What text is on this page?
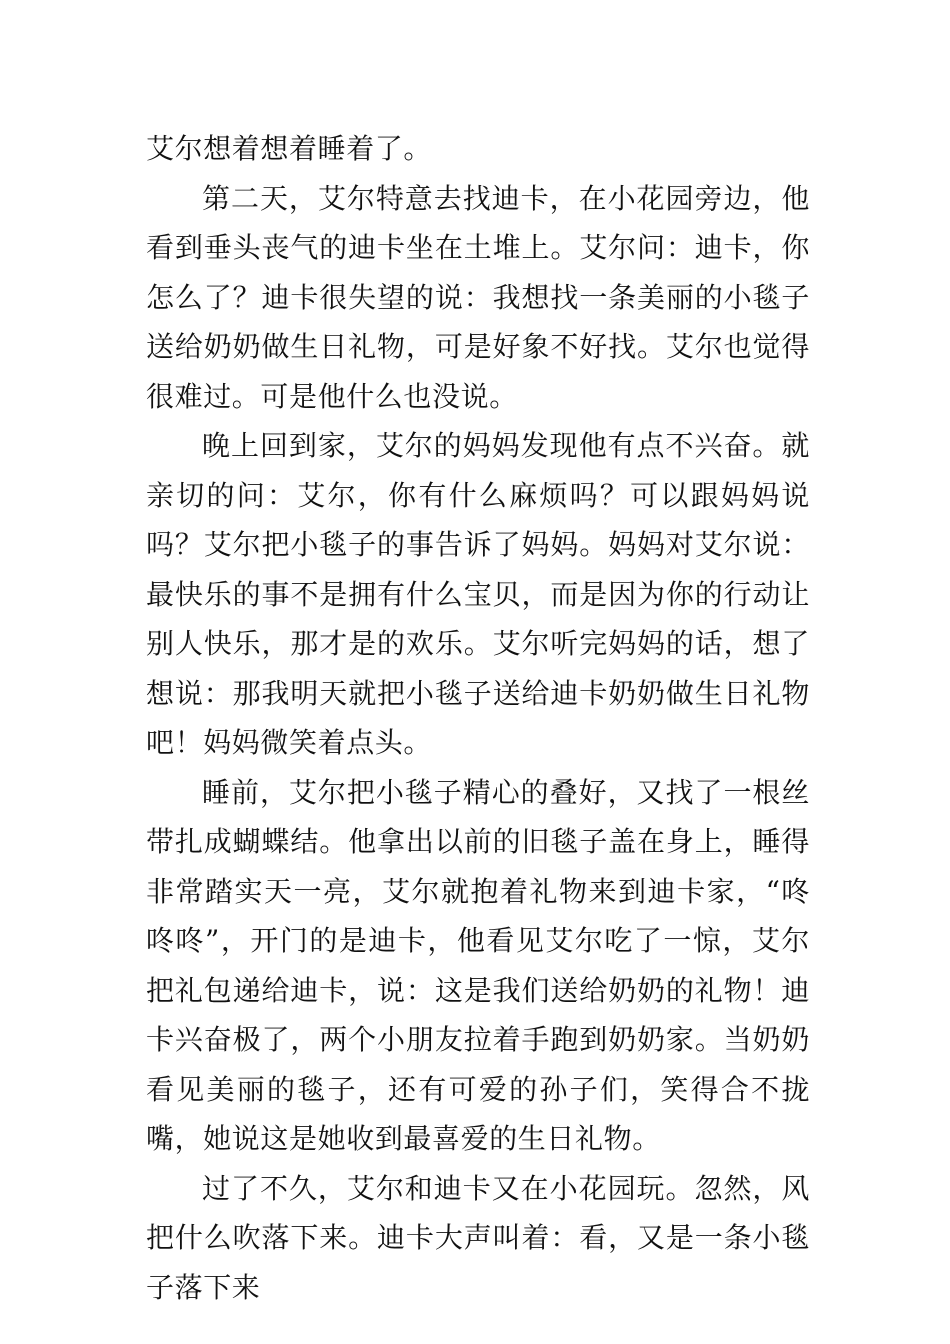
艾尔想着想着睡着了。

第二天，艾尔特意去找迪卡，在小花园旁边，他看到垂头丧气的迪卡坐在土堆上。艾尔问：迪卡，你怎么了？迪卡很失望的说：我想找一条美丽的小毯子送给奶奶做生日礼物，可是好象不好找。艾尔也觉得很难过。可是他什么也没说。

晚上回到家，艾尔的妈妈发现他有点不兴奋。就亲切的问：艾尔，你有什么麻烦吗？可以跟妈妈说吗？艾尔把小毯子的事告诉了妈妈。妈妈对艾尔说：最快乐的事不是拥有什么宝贝，而是因为你的行动让别人快乐，那才是的欢乐。艾尔听完妈妈的话，想了想说：那我明天就把小毯子送给迪卡奶奶做生日礼物吧！妈妈微笑着点头。

睡前，艾尔把小毯子精心的叠好，又找了一根丝带扎成蝴蝶结。他拿出以前的旧毯子盖在身上，睡得非常踏实天一亮，艾尔就抱着礼物来到迪卡家，“咚咚咚”，开门的是迪卡，他看见艾尔吃了一惊，艾尔把礼包递给迪卡，说：这是我们送给奶奶的礼物！迪卡兴奋极了，两个小朋友拉着手跑到奶奶家。当奶奶看见美丽的毯子，还有可爱的孙子们，笑得合不拢嘴，她说这是她收到最喜爱的生日礼物。

过了不久，艾尔和迪卡又在小花园玩。忽然，风把什么吹落下来。迪卡大声叫着：看，又是一条小毯子落下来
